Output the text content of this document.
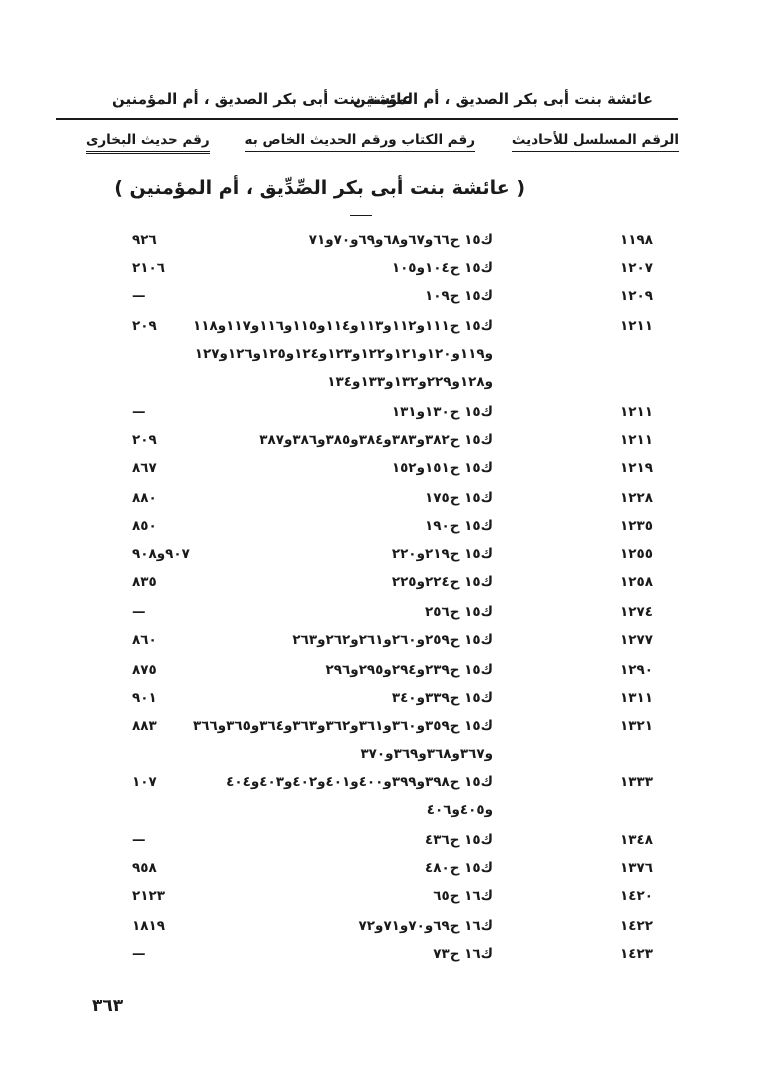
عائشة بنت أبى بكر الصديق ، أم المؤمنين
عائشة بنت أبى بكر الصديق ، أم المؤمنين
الرقم المسلسل للأحاديث
رقم الكتاب ورقم الحديث الخاص به
رقم حديث البخارى
( عائشة بنت أبى بكر الصِّدِّيق ، أم المؤمنين )
١١٩٨
ك١٥ ح٦٦و٦٧و٦٨و٦٩و٧٠و٧١
٩٢٦
١٢٠٧
ك١٥ ح١٠٤و١٠٥
٢١٠٦
١٢٠٩
ك١٥ ح١٠٩
—
١٢١١
ك١٥ ح١١١و١١٢و١١٣و١١٤و١١٥و١١٦و١١٧و١١٨
٢٠٩
و١١٩و١٢٠و١٢١و١٢٢و١٢٣و١٢٤و١٢٥و١٢٦و١٢٧
و١٢٨و٢٢٩و١٣٢و١٣٣و١٣٤
١٢١١
ك١٥ ح١٣٠و١٣١
—
١٢١١
ك١٥ ح٣٨٢و٣٨٣و٣٨٤و٣٨٥و٣٨٦و٣٨٧
٢٠٩
١٢١٩
ك١٥ ح١٥١و١٥٢
٨٦٧
١٢٢٨
ك١٥ ح١٧٥
٨٨٠
١٢٣٥
ك١٥ ح١٩٠
٨٥٠
١٢٥٥
ك١٥ ح٢١٩و٢٢٠
٩٠٧و٩٠٨
١٢٥٨
ك١٥ ح٢٢٤و٢٢٥
٨٣٥
١٢٧٤
ك١٥ ح٢٥٦
—
١٢٧٧
ك١٥ ح٢٥٩و٢٦٠و٢٦١و٢٦٢و٢٦٣
٨٦٠
١٢٩٠
ك١٥ ح٢٣٩و٢٩٤و٢٩٥و٢٩٦
٨٧٥
١٣١١
ك١٥ ح٣٣٩و٣٤٠
٩٠١
١٣٢١
ك١٥ ح٣٥٩و٣٦٠و٣٦١و٣٦٢و٣٦٣و٣٦٤و٣٦٥و٣٦٦
٨٨٣
و٣٦٧و٣٦٨و٣٦٩و٣٧٠
١٣٣٣
ك١٥ ح٣٩٨و٣٩٩و٤٠٠و٤٠١و٤٠٢و٤٠٣و٤٠٤
١٠٧
و٤٠٥و٤٠٦
١٣٤٨
ك١٥ ح٤٣٦
—
١٣٧٦
ك١٥ ح٤٨٠
٩٥٨
١٤٢٠
ك١٦ ح٦٥
٢١٢٣
١٤٢٢
ك١٦ ح٦٩و٧٠و٧١و٧٢
١٨١٩
١٤٢٣
ك١٦ ح٧٣
—
٣٦٣
